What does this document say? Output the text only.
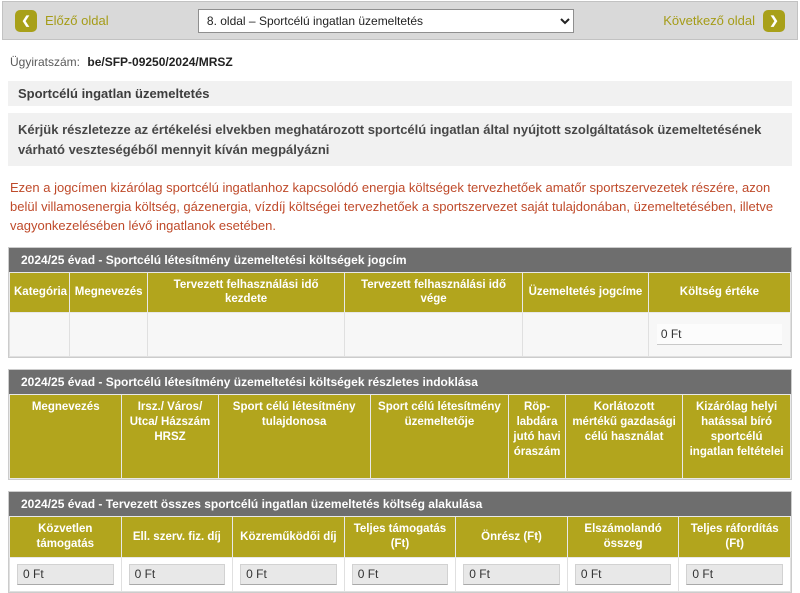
❮	Előző oldal
8. oldal – Sportcélú ingatlan üzemeltetés	Következő oldal	❯
Ügyiratszám: be/SFP-09250/2024/MRSZ
Sportcélú ingatlan üzemeltetés
Kérjük részletezze az értékelési elvekben meghatározott sportcélú ingatlan által nyújtott szolgáltatások üzemeltetésének várható veszteségéből mennyit kíván megpályázni
Ezen a jogcímen kizárólag sportcélú ingatlanhoz kapcsolódó energia költségek tervezhetőek amatőr sportszervezetek részére, azon belül villamosenergia költség, gázenergia, vízdíj költségei tervezhetőek a sportszervezet saját tulajdonában, üzemeltetésében, illetve vagyonkezelésében lévő ingatlanok esetében.
2024/25 évad - Sportcélú létesítmény üzemeltetési költségek jogcím
Kategória	Megnevezés	Tervezett felhasználási idő kezdete	Tervezett felhasználási idő vége	Üzemeltetés jogcíme	Költség értéke

					0 Ft
2024/25 évad - Sportcélú létesítmény üzemeltetési költségek részletes indoklása
Megnevezés	Irsz./ Város/ Utca/ Házszám HRSZ	Sport célú létesítmény tulajdonosa	Sport célú létesítmény üzemeltetője	Röp- labdára jutó havi óraszám	Korlátozott mértékű gazdasági célú használat	Kizárólag helyi hatással bíró sportcélú ingatlan feltételei
2024/25 évad - Tervezett összes sportcélú ingatlan üzemeltetés költség alakulása
Közvetlen támogatás	Ell. szerv. fiz. díj	Közreműködői díj	Teljes támogatás (Ft)	Önrész (Ft)	Elszámolandó összeg	Teljes ráfordítás (Ft)

0 Ft	0 Ft	0 Ft	0 Ft	0 Ft	0 Ft	0 Ft
